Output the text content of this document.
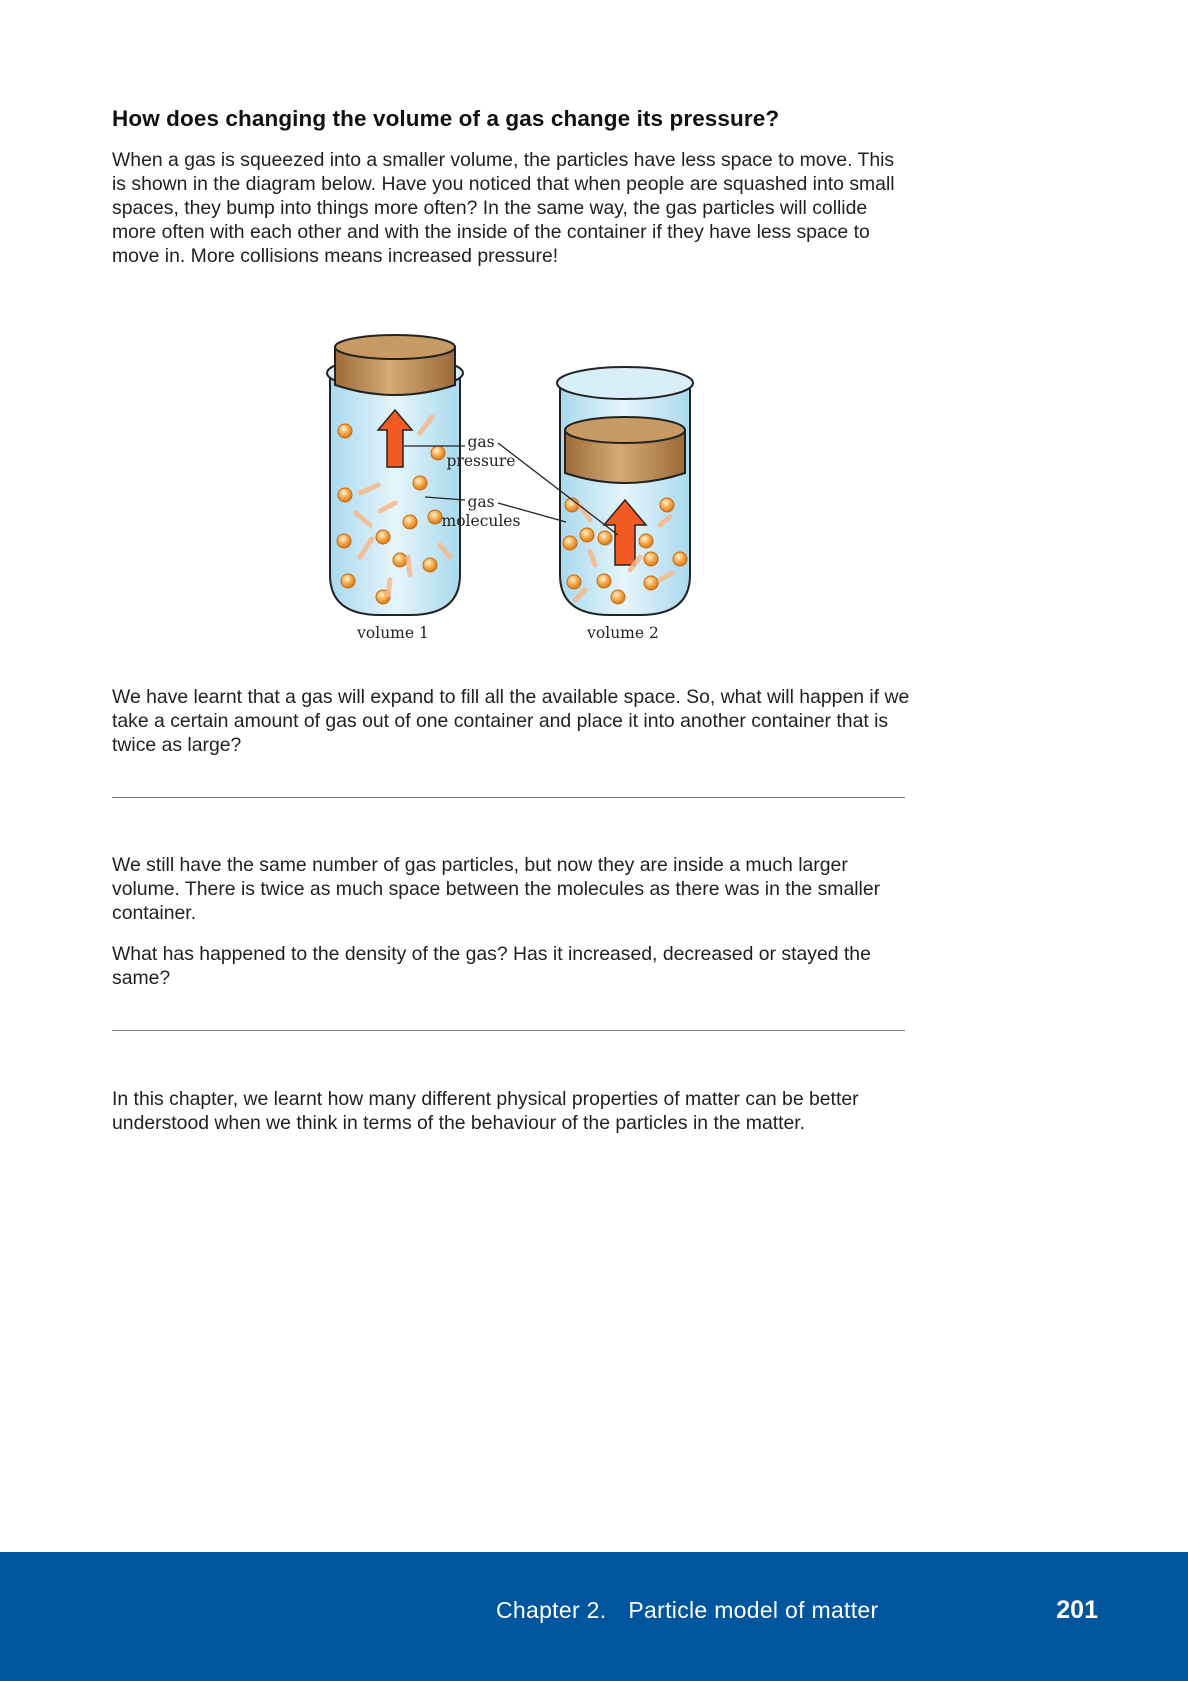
How does changing the volume of a gas change its pressure?

When a gas is squeezed into a smaller volume, the particles have less space to move. This is shown in the diagram below. Have you noticed that when people are squashed into small spaces, they bump into things more often? In the same way, the gas particles will collide more often with each other and with the inside of the container if they have less space to move in. More collisions means increased pressure!

gas
pressure
gas
molecules
volume 1	volume 2

We have learnt that a gas will expand to fill all the available space. So, what will happen if we take a certain amount of gas out of one container and place it into another container that is twice as large?

We still have the same number of gas particles, but now they are inside a much larger volume. There is twice as much space between the molecules as there was in the smaller container.

What has happened to the density of the gas? Has it increased, decreased or stayed the same?

In this chapter, we learnt how many different physical properties of matter can be better understood when we think in terms of the behaviour of the particles in the matter.

Chapter 2. Particle model of matter	201
